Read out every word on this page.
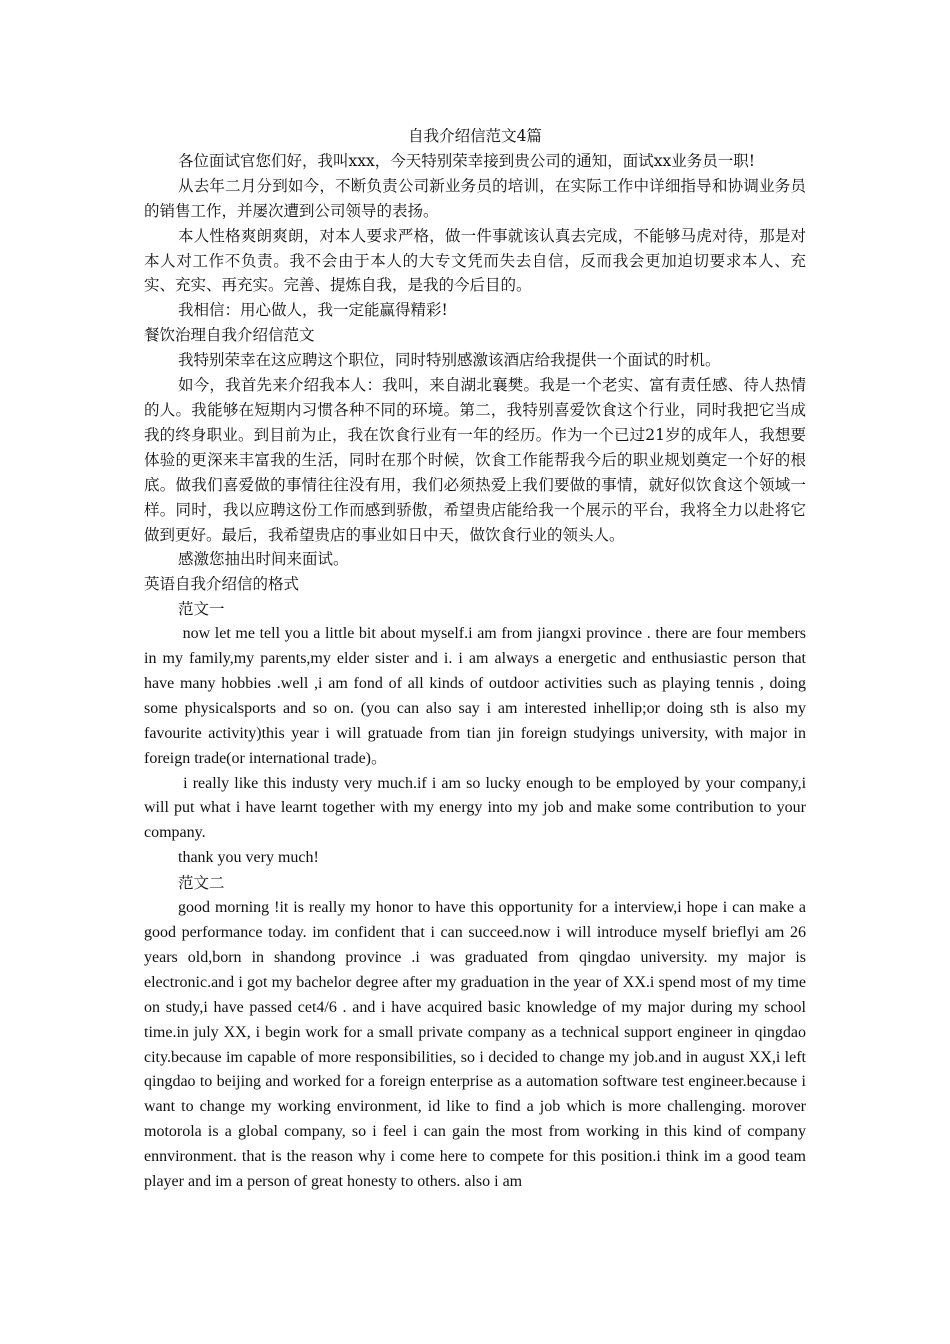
自我介绍信范文4篇

各位面试官您们好，我叫xxx，今天特别荣幸接到贵公司的通知，面试xx业务员一职!

从去年二月分到如今，不断负责公司新业务员的培训，在实际工作中详细指导和协调业务员的销售工作，并屡次遭到公司领导的表扬。

本人性格爽朗爽朗，对本人要求严格，做一件事就该认真去完成，不能够马虎对待，那是对本人对工作不负责。我不会由于本人的大专文凭而失去自信，反而我会更加迫切要求本人、充实、充实、再充实。完善、提炼自我，是我的今后目的。

我相信：用心做人，我一定能赢得精彩!

餐饮治理自我介绍信范文

我特别荣幸在这应聘这个职位，同时特别感激该酒店给我提供一个面试的时机。

如今，我首先来介绍我本人：我叫，来自湖北襄樊。我是一个老实、富有责任感、待人热情的人。我能够在短期内习惯各种不同的环境。第二，我特别喜爱饮食这个行业，同时我把它当成我的终身职业。到目前为止，我在饮食行业有一年的经历。作为一个已过21岁的成年人，我想要体验的更深来丰富我的生活，同时在那个时候，饮食工作能帮我今后的职业规划奠定一个好的根底。做我们喜爱做的事情往往没有用，我们必须热爱上我们要做的事情，就好似饮食这个领域一样。同时，我以应聘这份工作而感到骄傲，希望贵店能给我一个展示的平台，我将全力以赴将它做到更好。最后，我希望贵店的事业如日中天，做饮食行业的领头人。

感激您抽出时间来面试。

英语自我介绍信的格式

范文一

now let me tell you a little bit about myself.i am from jiangxi province . there are four members in my family,my parents,my elder sister and i. i am always a energetic and enthusiastic person that have many hobbies .well ,i am fond of all kinds of outdoor activities such as playing tennis , doing some physicalsports and so on. (you can also say i am interested inhellip;or doing sth is also my favourite activity)this year i will gratuade from tian jin foreign studyings university, with major in foreign trade(or international trade)。

i really like this industy very much.if i am so lucky enough to be employed by your company,i will put what i have learnt together with my energy into my job and make some contribution to your company.

thank you very much!

范文二

good morning !it is really my honor to have this opportunity for a interview,i hope i can make a good performance today. im confident that i can succeed.now i will introduce myself brieflyi am 26 years old,born in shandong province .i was graduated from qingdao university. my major is electronic.and i got my bachelor degree after my graduation in the year of XX.i spend most of my time on study,i have passed cet4/6 . and i have acquired basic knowledge of my major during my school time.in july XX, i begin work for a small private company as a technical support engineer in qingdao city.because im capable of more responsibilities, so i decided to change my job.and in august XX,i left qingdao to beijing and worked for a foreign enterprise as a automation software test engineer.because i want to change my working environment, id like to find a job which is more challenging. morover motorola is a global company, so i feel i can gain the most from working in this kind of company ennvironment. that is the reason why i come here to compete for this position.i think im a good team player and im a person of great honesty to others. also i am
